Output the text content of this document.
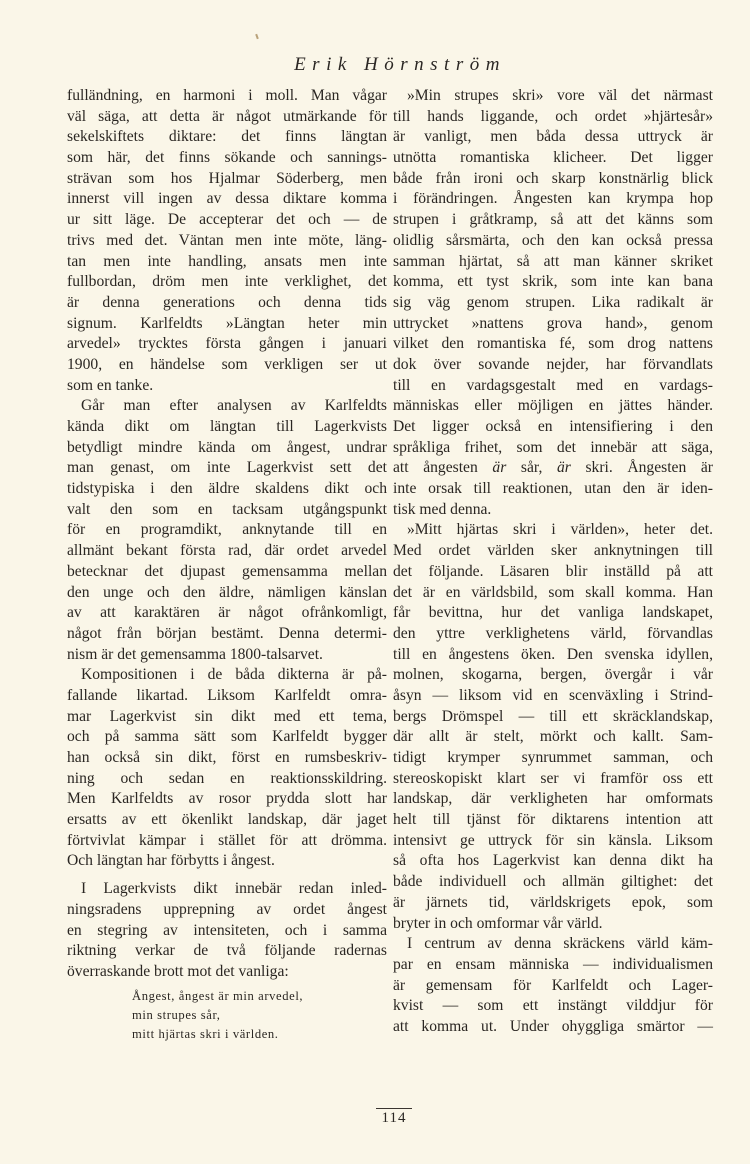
Erik Hörnström
fulländning, en harmoni i moll. Man vågar
väl säga, att detta är något utmärkande för
sekelskiftets diktare: det finns längtan
som här, det finns sökande och sannings-
strävan som hos Hjalmar Söderberg, men
innerst vill ingen av dessa diktare komma
ur sitt läge. De accepterar det och — de
trivs med det. Väntan men inte möte, läng-
tan men inte handling, ansats men inte
fullbordan, dröm men inte verklighet, det
är denna generations och denna tids
signum. Karlfeldts »Längtan heter min
arvedel» trycktes första gången i januari
1900, en händelse som verkligen ser ut
som en tanke.
Går man efter analysen av Karlfeldts
kända dikt om längtan till Lagerkvists
betydligt mindre kända om ångest, undrar
man genast, om inte Lagerkvist sett det
tidstypiska i den äldre skaldens dikt och
valt den som en tacksam utgångspunkt
för en programdikt, anknytande till en
allmänt bekant första rad, där ordet arvedel
betecknar det djupast gemensamma mellan
den unge och den äldre, nämligen känslan
av att karaktären är något ofrånkomligt,
något från början bestämt. Denna determi-
nism är det gemensamma 1800-talsarvet.
Kompositionen i de båda dikterna är på-
fallande likartad. Liksom Karlfeldt omra-
mar Lagerkvist sin dikt med ett tema,
och på samma sätt som Karlfeldt bygger
han också sin dikt, först en rumsbeskriv-
ning och sedan en reaktionsskildring.
Men Karlfeldts av rosor prydda slott har
ersatts av ett ökenlikt landskap, där jaget
förtvivlat kämpar i stället för att drömma.
Och längtan har förbytts i ångest.
I Lagerkvists dikt innebär redan inled-
ningsradens upprepning av ordet ångest
en stegring av intensiteten, och i samma
riktning verkar de två följande radernas
överraskande brott mot det vanliga:
Ångest, ångest är min arvedel,
min strupes sår,
mitt hjärtas skri i världen.
»Min strupes skri» vore väl det närmast
till hands liggande, och ordet »hjärtesår»
är vanligt, men båda dessa uttryck är
utnötta romantiska klicheer. Det ligger
både från ironi och skarp konstnärlig blick
i förändringen. Ångesten kan krympa hop
strupen i gråtkramp, så att det känns som
olidlig sårsmärta, och den kan också pressa
samman hjärtat, så att man känner skriket
komma, ett tyst skrik, som inte kan bana
sig väg genom strupen. Lika radikalt är
uttrycket »nattens grova hand», genom
vilket den romantiska fé, som drog nattens
dok över sovande nejder, har förvandlats
till en vardagsgestalt med en vardags-
människas eller möjligen en jättes händer.
Det ligger också en intensifiering i den
språkliga frihet, som det innebär att säga,
att ångesten är sår, är skri. Ångesten är
inte orsak till reaktionen, utan den är iden-
tisk med denna.
»Mitt hjärtas skri i världen», heter det.
Med ordet världen sker anknytningen till
det följande. Läsaren blir inställd på att
det är en världsbild, som skall komma. Han
får bevittna, hur det vanliga landskapet,
den yttre verklighetens värld, förvandlas
till en ångestens öken. Den svenska idyllen,
molnen, skogarna, bergen, övergår i vår
åsyn — liksom vid en scenväxling i Strind-
bergs Drömspel — till ett skräcklandskap,
där allt är stelt, mörkt och kallt. Sam-
tidigt krymper synrummet samman, och
stereoskopiskt klart ser vi framför oss ett
landskap, där verkligheten har omformats
helt till tjänst för diktarens intention att
intensivt ge uttryck för sin känsla. Liksom
så ofta hos Lagerkvist kan denna dikt ha
både individuell och allmän giltighet: det
är järnets tid, världskrigets epok, som
bryter in och omformar vår värld.
I centrum av denna skräckens värld käm-
par en ensam människa — individualismen
är gemensam för Karlfeldt och Lager-
kvist — som ett instängt vilddjur för
att komma ut. Under ohyggliga smärtor —
114
